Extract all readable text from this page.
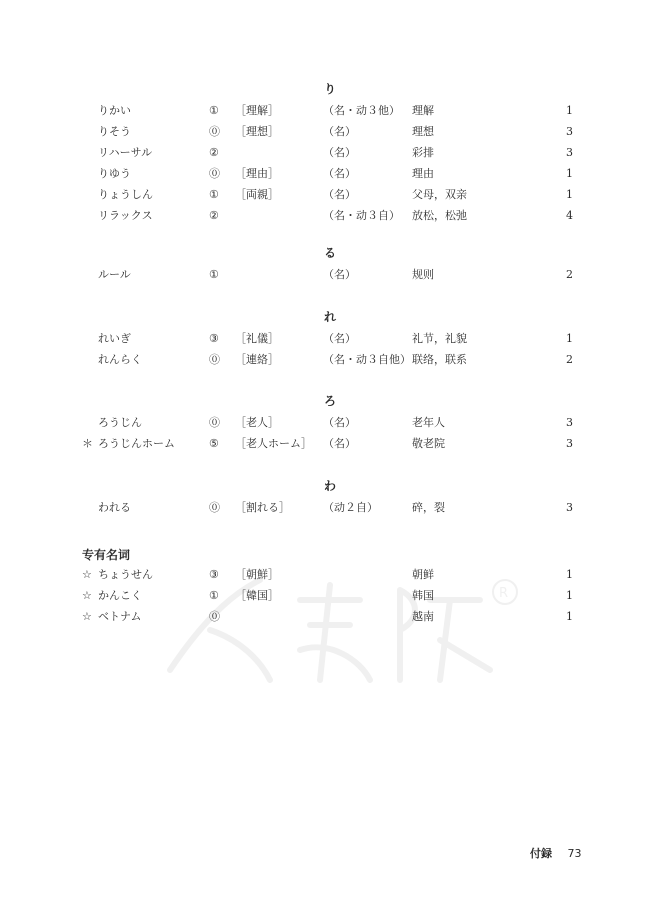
R
り
りかい	① ［理解］	（名・动３他） 理解	1
りそう	⓪ ［理想］	（名）	理想	3
リハーサル	②	（名）	彩排	3
りゆう	⓪ ［理由］	（名）	理由	1
りょうしん	① ［両親］	（名）	父母，双亲	1
リラックス	②	（名・动３自） 放松，松弛	4
る
ルール	①	（名）	规则	2
れ
れいぎ	③ ［礼儀］	（名）	礼节，礼貌	1
れんらく	⓪ ［連絡］	（名・动３自他） 联络，联系	2
ろ
ろうじん	⓪ ［老人］	（名）	老年人	3
＊ ろうじんホーム	⑤ ［老人ホーム］ （名）	敬老院	3
わ
われる	⓪ ［割れる］	（动２自）	碎，裂	3
专有名词
☆ ちょうせん	③ ［朝鮮］	朝鲜	1
☆ かんこく	① ［韓国］	韩国	1
☆ ベトナム	⓪	越南	1
付録 73
